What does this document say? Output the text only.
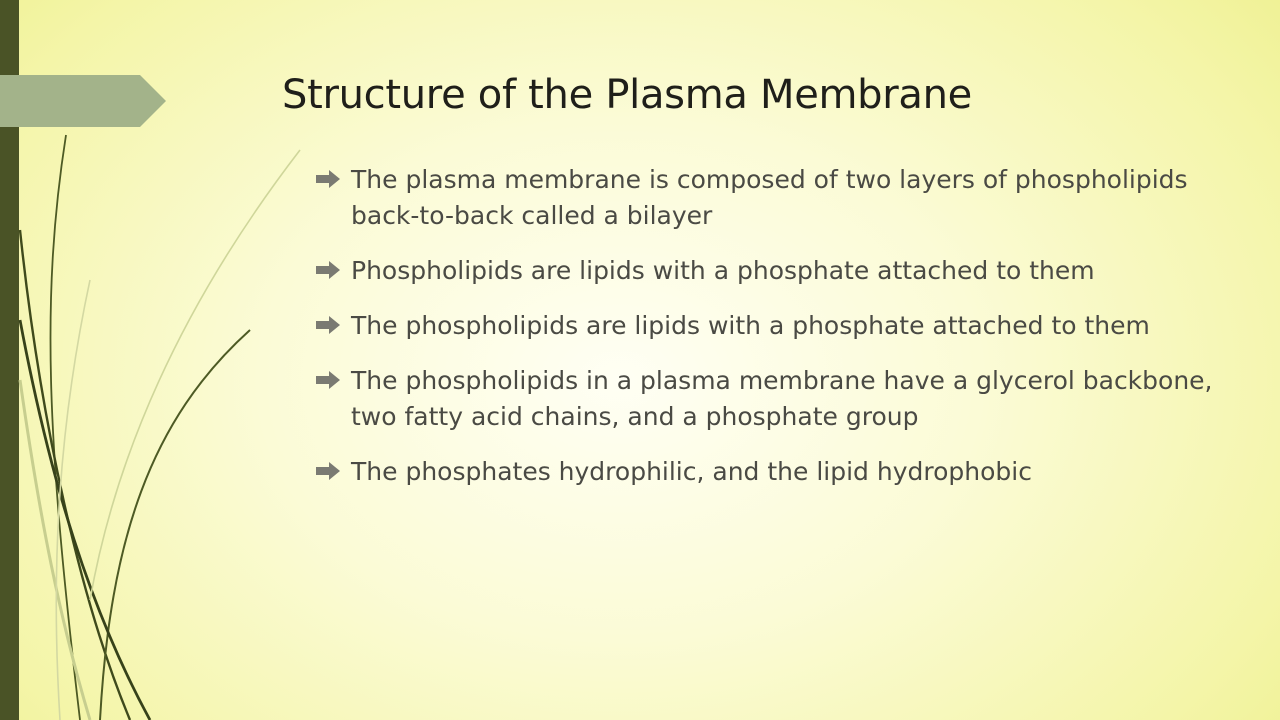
Structure of the Plasma Membrane
The plasma membrane is composed of two layers of phospholipids back-to-back called a bilayer
Phospholipids are lipids with a phosphate attached to them
The phospholipids are lipids with a phosphate attached to them
The phospholipids in a plasma membrane have a glycerol backbone, two fatty acid chains, and a phosphate group
The phosphates hydrophilic, and the lipid hydrophobic
